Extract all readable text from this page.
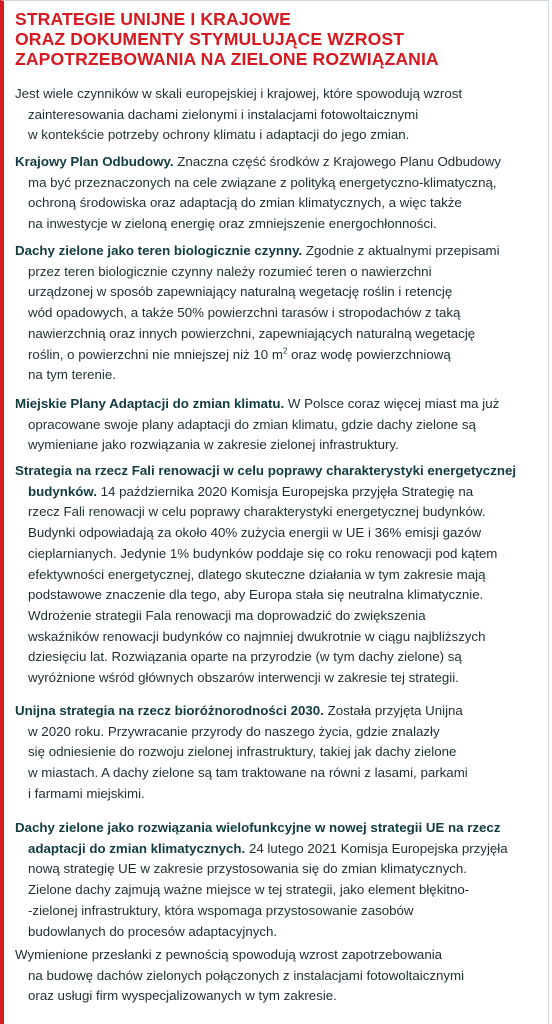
STRATEGIE UNIJNE I KRAJOWE
ORAZ DOKUMENTY STYMULUJĄCE WZROST
ZAPOTRZEBOWANIA NA ZIELONE ROZWIĄZANIA
Jest wiele czynników w skali europejskiej i krajowej, które spowodują wzrost
zainteresowania dachami zielonymi i instalacjami fotowoltaicznymi
w kontekście potrzeby ochrony klimatu i adaptacji do jego zmian.
Krajowy Plan Odbudowy. Znaczna część środków z Krajowego Planu Odbudowy
ma być przeznaczonych na cele związane z polityką energetyczno-klimatyczną,
ochroną środowiska oraz adaptacją do zmian klimatycznych, a więc także
na inwestycje w zieloną energię oraz zmniejszenie energochłonności.
Dachy zielone jako teren biologicznie czynny. Zgodnie z aktualnymi przepisami
przez teren biologicznie czynny należy rozumieć teren o nawierzchni
urządzonej w sposób zapewniający naturalną wegetację roślin i retencję
wód opadowych, a także 50% powierzchni tarasów i stropodachów z taką
nawierzchnią oraz innych powierzchni, zapewniających naturalną wegetację
roślin, o powierzchni nie mniejszej niż 10 $m^2$ oraz wodę powierzchniową
na tym terenie.
Miejskie Plany Adaptacji do zmian klimatu. W Polsce coraz więcej miast ma już
opracowane swoje plany adaptacji do zmian klimatu, gdzie dachy zielone są
wymieniane jako rozwiązania w zakresie zielonej infrastruktury.
Strategia na rzecz Fali renowacji w celu poprawy charakterystyki energetycznej
budynków. 14 października 2020 Komisja Europejska przyjęła Strategię na
rzecz Fali renowacji w celu poprawy charakterystyki energetycznej budynków.
Budynki odpowiadają za około 40% zużycia energii w UE i 36% emisji gazów
cieplarnianych. Jedynie 1% budynków poddaje się co roku renowacji pod kątem
efektywności energetycznej, dlatego skuteczne działania w tym zakresie mają
podstawowe znaczenie dla tego, aby Europa stała się neutralna klimatycznie.
Wdrożenie strategii Fala renowacji ma doprowadzić do zwiększenia
wskaźników renowacji budynków co najmniej dwukrotnie w ciągu najbliższych
dziesięciu lat. Rozwiązania oparte na przyrodzie (w tym dachy zielone) są
wyróżnione wśród głównych obszarów interwencji w zakresie tej strategii.
Unijna strategia na rzecz bioróżnorodności 2030. Została przyjęta Unijna
w 2020 roku. Przywracanie przyrody do naszego życia, gdzie znalazły
się odniesienie do rozwoju zielonej infrastruktury, takiej jak dachy zielone
w miastach. A dachy zielone są tam traktowane na równi z lasami, parkami
i farmami miejskimi.
Dachy zielone jako rozwiązania wielofunkcyjne w nowej strategii UE na rzecz
adaptacji do zmian klimatycznych. 24 lutego 2021 Komisja Europejska przyjęła
nową strategię UE w zakresie przystosowania się do zmian klimatycznych.
Zielone dachy zajmują ważne miejsce w tej strategii, jako element błękitno-
-zielonej infrastruktury, która wspomaga przystosowanie zasobów
budowlanych do procesów adaptacyjnych.
Wymienione przesłanki z pewnością spowodują wzrost zapotrzebowania
na budowę dachów zielonych połączonych z instalacjami fotowoltaicznymi
oraz usługi firm wyspecjalizowanych w tym zakresie.
